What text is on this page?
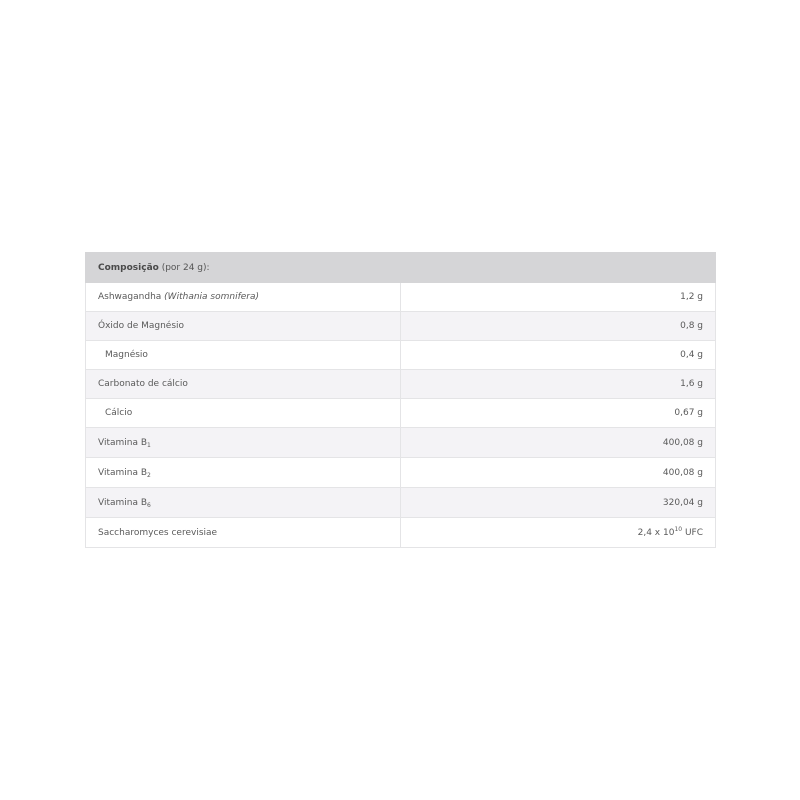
Composição (por 24 g):	
Ashwagandha (Withania somnifera)	1,2 g
Óxido de Magnésio	0,8 g
Magnésio	0,4 g
Carbonato de cálcio	1,6 g
Cálcio	0,67 g
Vitamina $B_1$	400,08 g
Vitamina $B_2$	400,08 g
Vitamina $B_6$	320,04 g
Saccharomyces cerevisiae	2,4 x $10^{10}$ UFC
